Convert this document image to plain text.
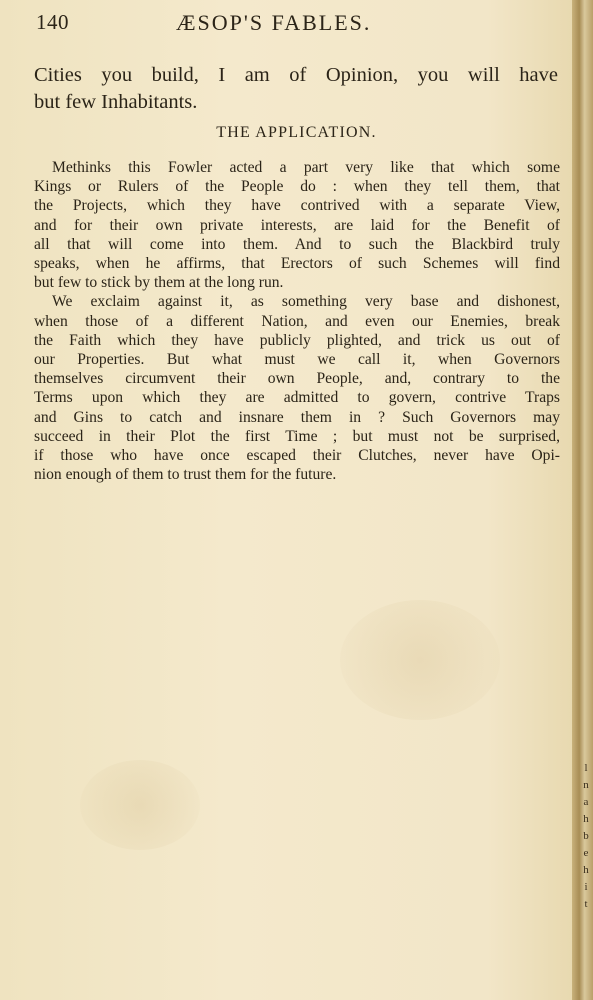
140	ÆSOP'S FABLES.
Cities you build, I am of Opinion, you will have
but few Inhabitants.
THE APPLICATION.

Methinks this Fowler acted a part very like that which some
Kings or Rulers of the People do : when they tell them, that
the Projects, which they have contrived with a separate View,
and for their own private interests, are laid for the Benefit of
all that will come into them. And to such the Blackbird truly
speaks, when he affirms, that Erectors of such Schemes will find
but few to stick by them at the long run.

We exclaim against it, as something very base and dishonest,
when those of a different Nation, and even our Enemies, break
the Faith which they have publicly plighted, and trick us out of
our Properties. But what must we call it, when Governors
themselves circumvent their own People, and, contrary to the
Terms upon which they are admitted to govern, contrive Traps
and Gins to catch and insnare them in ? Such Governors may
succeed in their Plot the first Time ; but must not be surprised,
if those who have once escaped their Clutches, never have Opi-
nion enough of them to trust them for the future.

l
n
a
h
b
e
h
i
t
